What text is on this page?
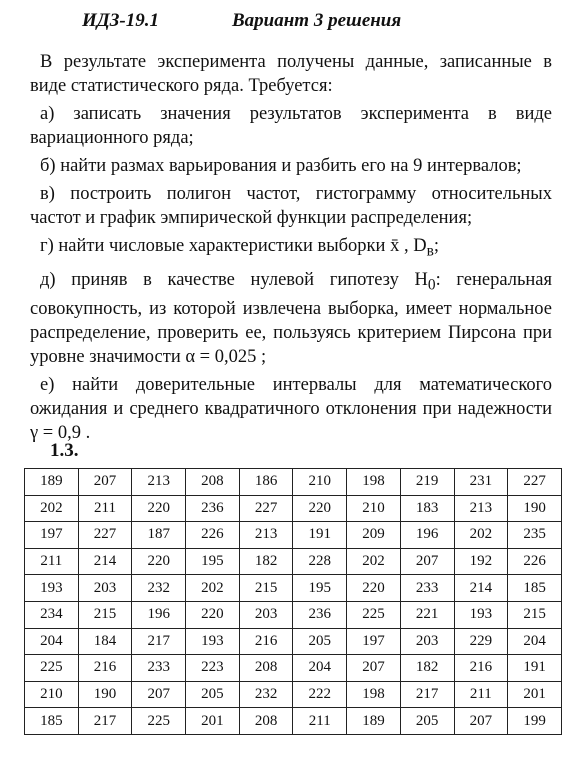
ИДЗ-19.1	Вариант 3 решения

В результате эксперимента получены данные, записанные в виде статистического ряда. Требуется:

а) записать значения результатов эксперимента в виде вариационного ряда;

б) найти размах варьирования и разбить его на 9 интервалов;

в) построить полигон частот, гистограмму относительных частот и график эмпирической функции распределения;

г) найти числовые характеристики выборки x̄ , $D_в$;

д) приняв в качестве нулевой гипотезу $H_0$: генеральная совокупность, из которой извлечена выборка, имеет нормальное распределение, проверить ее, пользуясь критерием Пирсона при уровне значимости α = 0,025 ;

е) найти доверительные интервалы для математического ожидания и среднего квадратичного отклонения при надежности γ = 0,9 .

1.3.
189	207	213	208	186	210	198	219	231	227
202	211	220	236	227	220	210	183	213	190
197	227	187	226	213	191	209	196	202	235
211	214	220	195	182	228	202	207	192	226
193	203	232	202	215	195	220	233	214	185
234	215	196	220	203	236	225	221	193	215
204	184	217	193	216	205	197	203	229	204
225	216	233	223	208	204	207	182	216	191
210	190	207	205	232	222	198	217	211	201
185	217	225	201	208	211	189	205	207	199
